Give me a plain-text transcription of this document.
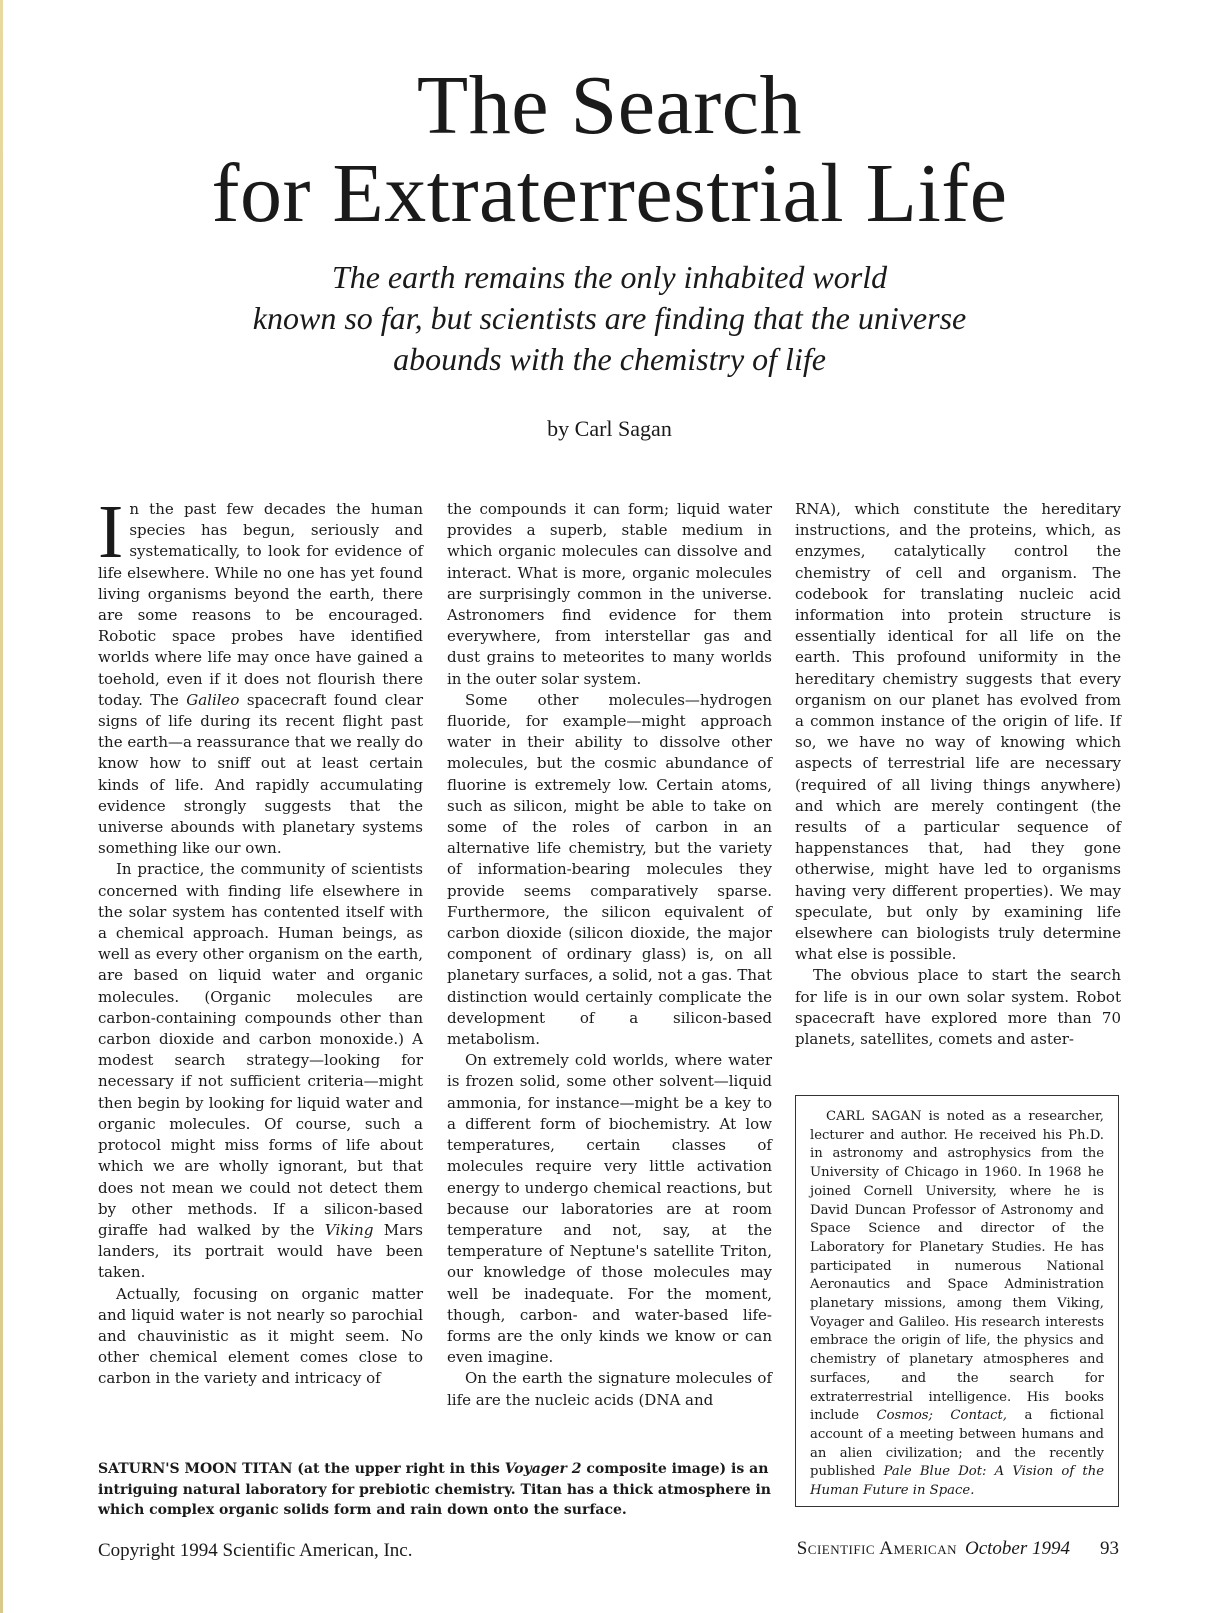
The Search
for Extraterrestrial Life
The earth remains the only inhabited world
known so far, but scientists are finding that the universe
abounds with the chemistry of life
by Carl Sagan

In the past few decades the human species has begun, seriously and systematically, to look for evidence of life elsewhere. While no one has yet found living organisms beyond the earth, there are some reasons to be encouraged. Robotic space probes have identified worlds where life may once have gained a toehold, even if it does not flourish there today. The Galileo spacecraft found clear signs of life during its recent flight past the earth—a reassurance that we really do know how to sniff out at least certain kinds of life. And rapidly accumulating evidence strongly suggests that the universe abounds with planetary systems something like our own.

In practice, the community of scientists concerned with finding life elsewhere in the solar system has contented itself with a chemical approach. Human beings, as well as every other organism on the earth, are based on liquid water and organic molecules. (Organic molecules are carbon-containing compounds other than carbon dioxide and carbon monoxide.) A modest search strategy—looking for necessary if not sufficient criteria—might then begin by looking for liquid water and organic molecules. Of course, such a protocol might miss forms of life about which we are wholly ignorant, but that does not mean we could not detect them by other methods. If a silicon-based giraffe had walked by the Viking Mars landers, its portrait would have been taken.

Actually, focusing on organic matter and liquid water is not nearly so parochial and chauvinistic as it might seem. No other chemical element comes close to carbon in the variety and intricacy of

the compounds it can form; liquid water provides a superb, stable medium in which organic molecules can dissolve and interact. What is more, organic molecules are surprisingly common in the universe. Astronomers find evidence for them everywhere, from interstellar gas and dust grains to meteorites to many worlds in the outer solar system.

Some other molecules—hydrogen fluoride, for example—might approach water in their ability to dissolve other molecules, but the cosmic abundance of fluorine is extremely low. Certain atoms, such as silicon, might be able to take on some of the roles of carbon in an alternative life chemistry, but the variety of information-bearing molecules they provide seems comparatively sparse. Furthermore, the silicon equivalent of carbon dioxide (silicon dioxide, the major component of ordinary glass) is, on all planetary surfaces, a solid, not a gas. That distinction would certainly complicate the development of a silicon-based metabolism.

On extremely cold worlds, where water is frozen solid, some other solvent—liquid ammonia, for instance—might be a key to a different form of biochemistry. At low temperatures, certain classes of molecules require very little activation energy to undergo chemical reactions, but because our laboratories are at room temperature and not, say, at the temperature of Neptune's satellite Triton, our knowledge of those molecules may well be inadequate. For the moment, though, carbon- and water-based life-forms are the only kinds we know or can even imagine.

On the earth the signature molecules of life are the nucleic acids (DNA and

RNA), which constitute the hereditary instructions, and the proteins, which, as enzymes, catalytically control the chemistry of cell and organism. The codebook for translating nucleic acid information into protein structure is essentially identical for all life on the earth. This profound uniformity in the hereditary chemistry suggests that every organism on our planet has evolved from a common instance of the origin of life. If so, we have no way of knowing which aspects of terrestrial life are necessary (required of all living things anywhere) and which are merely contingent (the results of a particular sequence of happenstances that, had they gone otherwise, might have led to organisms having very different properties). We may speculate, but only by examining life elsewhere can biologists truly determine what else is possible.

The obvious place to start the search for life is in our own solar system. Robot spacecraft have explored more than 70 planets, satellites, comets and aster-

CARL SAGAN is noted as a researcher, lecturer and author. He received his Ph.D. in astronomy and astrophysics from the University of Chicago in 1960. In 1968 he joined Cornell University, where he is David Duncan Professor of Astronomy and Space Science and director of the Laboratory for Planetary Studies. He has participated in numerous National Aeronautics and Space Administration planetary missions, among them Viking, Voyager and Galileo. His research interests embrace the origin of life, the physics and chemistry of planetary atmospheres and surfaces, and the search for extraterrestrial intelligence. His books include Cosmos; Contact, a fictional account of a meeting between humans and an alien civilization; and the recently published Pale Blue Dot: A Vision of the Human Future in Space.

SATURN'S MOON TITAN (at the upper right in this Voyager 2 composite image) is an intriguing natural laboratory for prebiotic chemistry. Titan has a thick atmosphere in which complex organic solids form and rain down onto the surface.
Copyright 1994 Scientific American, Inc.	Scientific American October 1994 93
